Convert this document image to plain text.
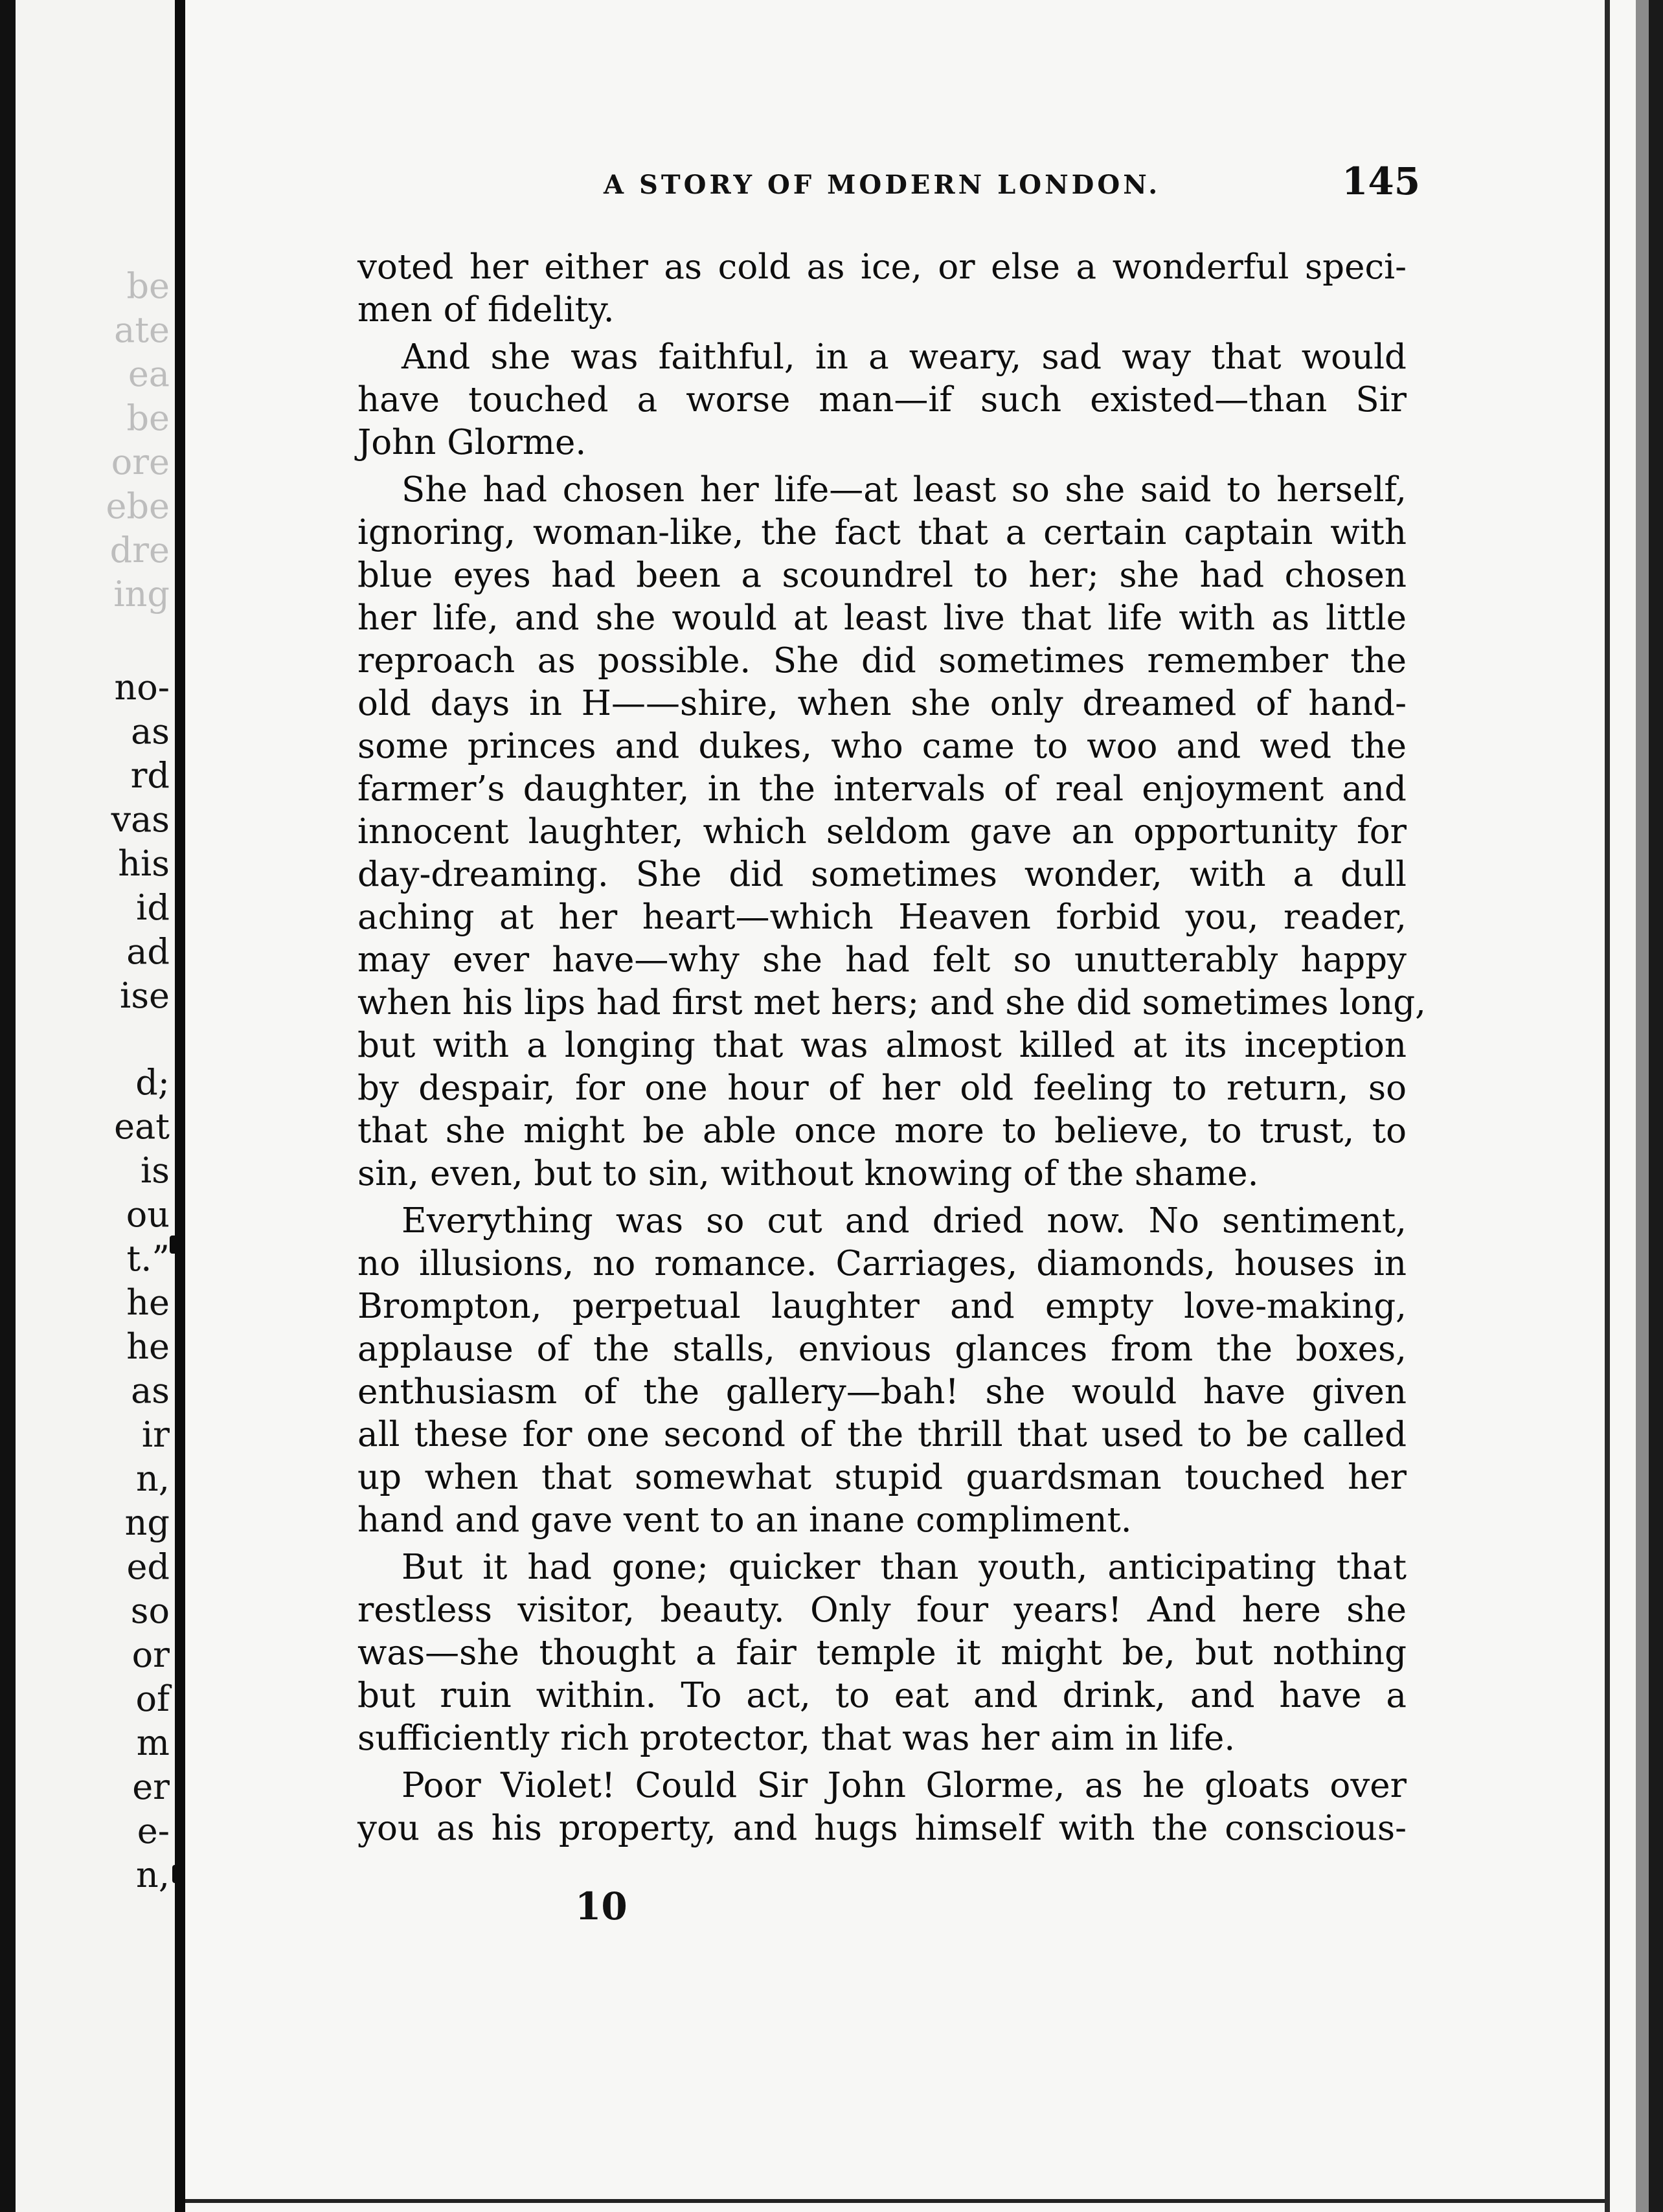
be
ate
ea
be
ore
ebe
dre
ing
no-
as
rd
vas
his
id
ad
ise
d;
eat
is
ou
t.”
he
he
as
ir
n,
ng
ed
so
or
of
m
er
e-
n,
A STORY OF MODERN LONDON.	145
voted her either as cold as ice, or else a wonderful speci-
men of fidelity.
And she was faithful, in a weary, sad way that would
have touched a worse man—if such existed—than Sir
John Glorme.
She had chosen her life—at least so she said to herself,
ignoring, woman-like, the fact that a certain captain with
blue eyes had been a scoundrel to her; she had chosen
her life, and she would at least live that life with as little
reproach as possible. She did sometimes remember the
old days in H——shire, when she only dreamed of hand-
some princes and dukes, who came to woo and wed the
farmer’s daughter, in the intervals of real enjoyment and
innocent laughter, which seldom gave an opportunity for
day-dreaming. She did sometimes wonder, with a dull
aching at her heart—which Heaven forbid you, reader,
may ever have—why she had felt so unutterably happy
when his lips had first met hers; and she did sometimes long,
but with a longing that was almost killed at its inception
by despair, for one hour of her old feeling to return, so
that she might be able once more to believe, to trust, to
sin, even, but to sin, without knowing of the shame.
Everything was so cut and dried now. No sentiment,
no illusions, no romance. Carriages, diamonds, houses in
Brompton, perpetual laughter and empty love-making,
applause of the stalls, envious glances from the boxes,
enthusiasm of the gallery—bah! she would have given
all these for one second of the thrill that used to be called
up when that somewhat stupid guardsman touched her
hand and gave vent to an inane compliment.
But it had gone; quicker than youth, anticipating that
restless visitor, beauty. Only four years! And here she
was—she thought a fair temple it might be, but nothing
but ruin within. To act, to eat and drink, and have a
sufficiently rich protector, that was her aim in life.
Poor Violet! Could Sir John Glorme, as he gloats over
you as his property, and hugs himself with the conscious-
10
